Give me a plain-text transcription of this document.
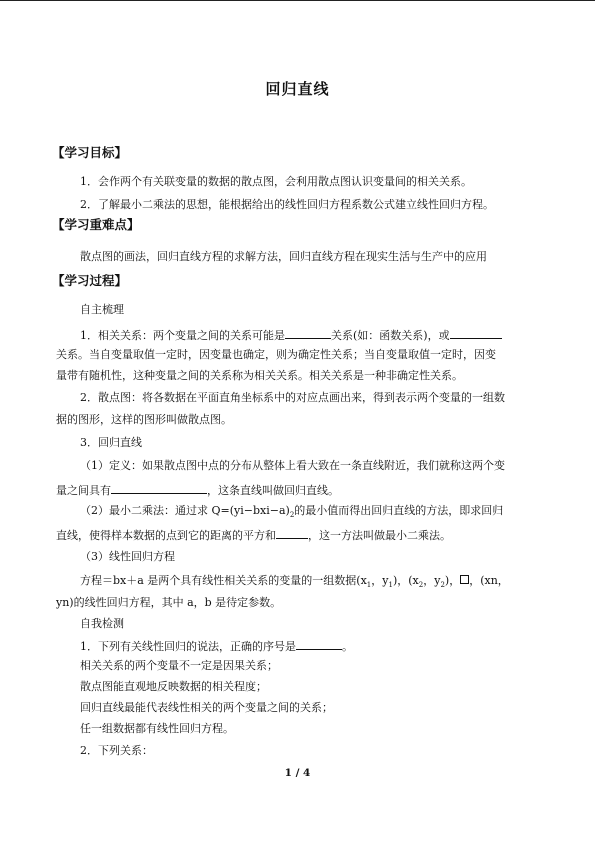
回归直线
【学习目标】
1．会作两个有关联变量的数据的散点图，会利用散点图认识变量间的相关关系。
2．了解最小二乘法的思想，能根据给出的线性回归方程系数公式建立线性回归方程。
【学习重难点】
散点图的画法，回归直线方程的求解方法，回归直线方程在现实生活与生产中的应用
【学习过程】
自主梳理
1．相关关系：两个变量之间的关系可能是	关系(如：函数关系)，或
关系。当自变量取值一定时，因变量也确定，则为确定性关系；当自变量取值一定时，因变
量带有随机性，这种变量之间的关系称为相关关系。相关关系是一种非确定性关系。
2．散点图：将各数据在平面直角坐标系中的对应点画出来，得到表示两个变量的一组数
据的图形，这样的图形叫做散点图。
3．回归直线
（1）定义：如果散点图中点的分布从整体上看大致在一条直线附近，我们就称这两个变
量之间具有	，这条直线叫做回归直线。
（2）最小二乘法：通过求 $Q=(yi-bxi-a)_2$的最小值而得出回归直线的方法，即求回归
直线，使得样本数据的点到它的距离的平方和	，这一方法叫做最小二乘法。
（3）线性回归方程
方程＝bx＋a 是两个具有线性相关关系的变量的一组数据($x_1$，$y_1$)，($x_2$，$y_2$)， ，(xn，
yn)的线性回归方程，其中 a，b 是待定参数。
自我检测
1．下列有关线性回归的说法，正确的序号是	。
相关关系的两个变量不一定是因果关系；
散点图能直观地反映数据的相关程度；
回归直线最能代表线性相关的两个变量之间的关系；
任一组数据都有线性回归方程。
2．下列关系：
1 / 4
